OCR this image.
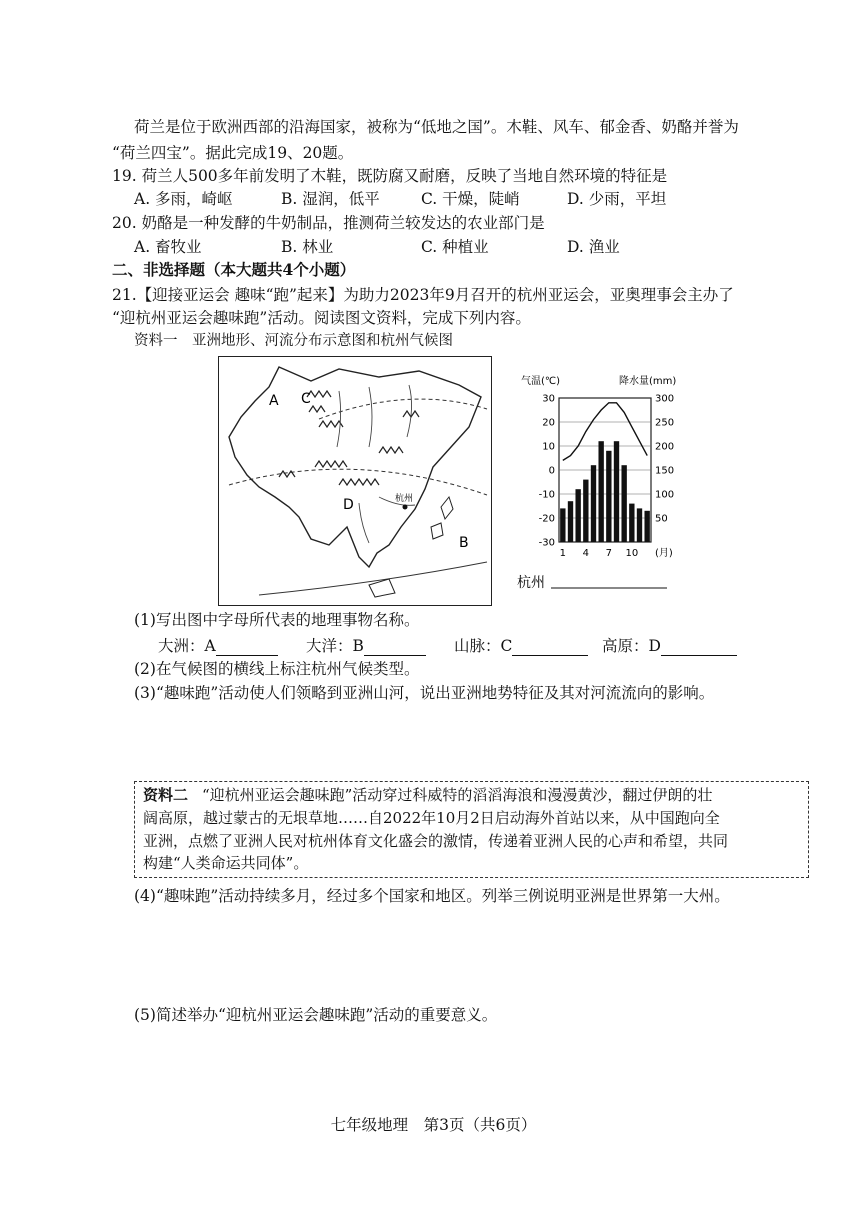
荷兰是位于欧洲西部的沿海国家，被称为“低地之国”。木鞋、风车、郁金香、奶酪并誉为
“荷兰四宝”。据此完成19、20题。
19. 荷兰人500多年前发明了木鞋，既防腐又耐磨，反映了当地自然环境的特征是
A. 多雨，崎岖	B. 湿润，低平	C. 干燥，陡峭	D. 少雨，平坦
20. 奶酪是一种发酵的牛奶制品，推测荷兰较发达的农业部门是
A. 畜牧业	B. 林业	C. 种植业	D. 渔业
二、非选择题（本大题共4个小题）
21.【迎接亚运会 趣味“跑”起来】为助力2023年9月召开的杭州亚运会，亚奥理事会主办了
“迎杭州亚运会趣味跑”活动。阅读图文资料，完成下列内容。
资料一　亚洲地形、河流分布示意图和杭州气候图
杭州
A C
D
B
气温(℃)	降水量(mm)
30
20
10
0
-10
-20
-30
300
250
200
150
100
50
1 4 7 10 (月)
杭州
(1)写出图中字母所代表的地理事物名称。
大洲：A	大洋：B	山脉：C	高原：D
(2)在气候图的横线上标注杭州气候类型。
(3)“趣味跑”活动使人们领略到亚洲山河，说出亚洲地势特征及其对河流流向的影响。
资料二 “迎杭州亚运会趣味跑”活动穿过科威特的滔滔海浪和漫漫黄沙，翻过伊朗的壮
阔高原，越过蒙古的无垠草地……自2022年10月2日启动海外首站以来，从中国跑向全
亚洲，点燃了亚洲人民对杭州体育文化盛会的激情，传递着亚洲人民的心声和希望，共同
构建“人类命运共同体”。
(4)“趣味跑”活动持续多月，经过多个国家和地区。列举三例说明亚洲是世界第一大州。
(5)简述举办“迎杭州亚运会趣味跑”活动的重要意义。
七年级地理　第3页（共6页）
